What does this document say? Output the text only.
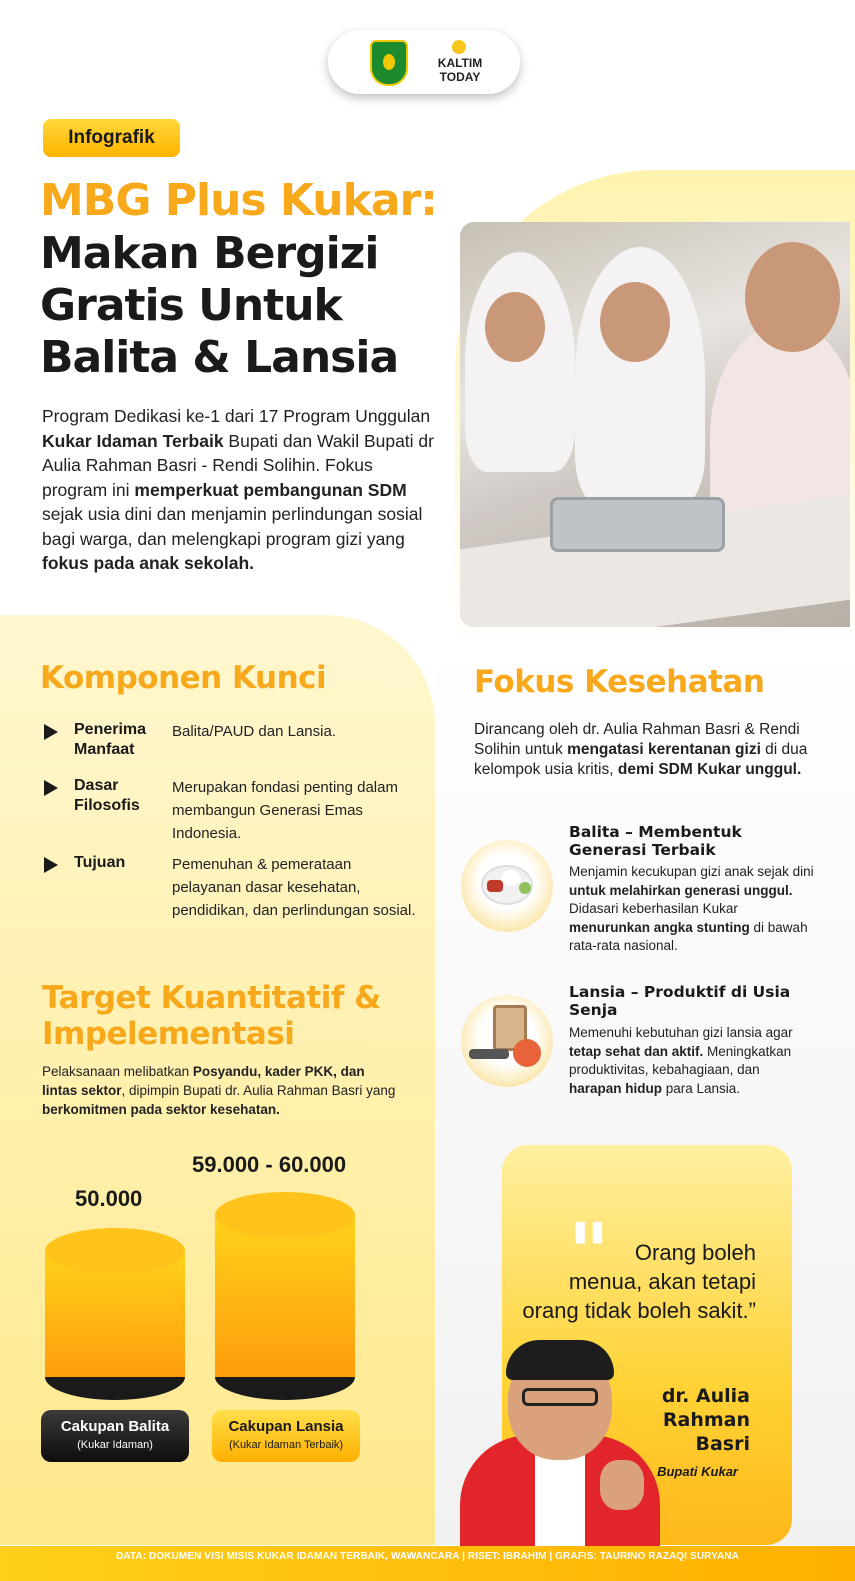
KALTIM TODAY
Infografik
MBG Plus Kukar:
Makan Bergizi Gratis Untuk Balita & Lansia
Program Dedikasi ke-1 dari 17 Program Unggulan Kukar Idaman Terbaik Bupati dan Wakil Bupati dr Aulia Rahman Basri - Rendi Solihin. Fokus program ini memperkuat pembangunan SDM sejak usia dini dan menjamin perlindungan sosial bagi warga, dan melengkapi program gizi yang fokus pada anak sekolah.
Komponen Kunci
Penerima Manfaat
Balita/PAUD dan Lansia.
Dasar Filosofis
Merupakan fondasi penting dalam membangun Generasi Emas Indonesia.
Tujuan	Pemenuhan & pemerataan pelayanan dasar kesehatan, pendidikan, dan perlindungan sosial.
Target Kuantitatif & Impelementasi
Pelaksanaan melibatkan Posyandu, kader PKK, dan lintas sektor, dipimpin Bupati dr. Aulia Rahman Basri yang berkomitmen pada sektor kesehatan.
50.000
59.000 - 60.000
Cakupan Balita
(Kukar Idaman)
Cakupan Lansia
(Kukar Idaman Terbaik)
Fokus Kesehatan
Dirancang oleh dr. Aulia Rahman Basri & Rendi Solihin untuk mengatasi kerentanan gizi di dua kelompok usia kritis, demi SDM Kukar unggul.
Balita – Membentuk Generasi Terbaik
Menjamin kecukupan gizi anak sejak dini untuk melahirkan generasi unggul. Didasari keberhasilan Kukar menurunkan angka stunting di bawah rata-rata nasional.
Lansia – Produktif di Usia Senja
Memenuhi kebutuhan gizi lansia agar tetap sehat dan aktif. Meningkatkan produktivitas, kebahagiaan, dan harapan hidup para Lansia.
"	Orang boleh menua, akan tetapi orang tidak boleh sakit.”
dr. Aulia Rahman Basri
Bupati Kukar
DATA: DOKUMEN VISI MISIS KUKAR IDAMAN TERBAIK, WAWANCARA | RISET: IBRAHIM | GRAFIS: TAURINO RAZAQI SURYANA
